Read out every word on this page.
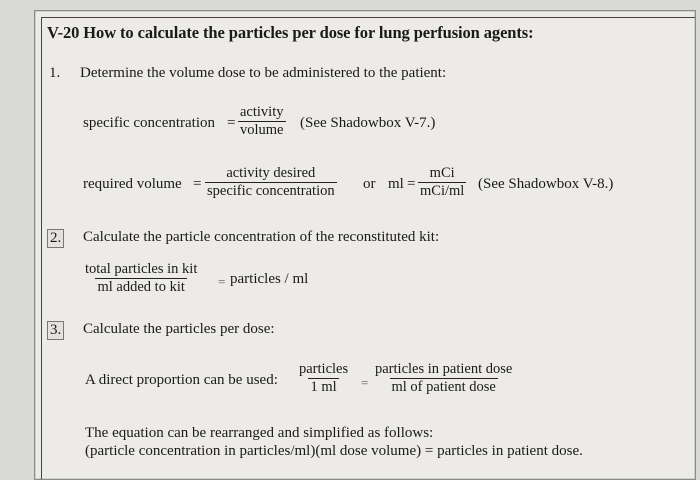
V-20 How to calculate the particles per dose for lung perfusion agents:
1. Determine the volume dose to be administered to the patient:
specific concentration =
activity
volume (See Shadowbox V-7.)
required volume =
activity desired
specific concentration or ml =
mCi
mCi/ml (See Shadowbox V-8.)
2. Calculate the particle concentration of the reconstituted kit:
total particles in kit
ml added to kit	= particles / ml
3. Calculate the particles per dose:
A direct proportion can be used:
particles
1 ml =
particles in patient dose
ml of patient dose
The equation can be rearranged and simplified as follows:
(particle concentration in particles/ml)(ml dose volume) = particles in patient dose.
